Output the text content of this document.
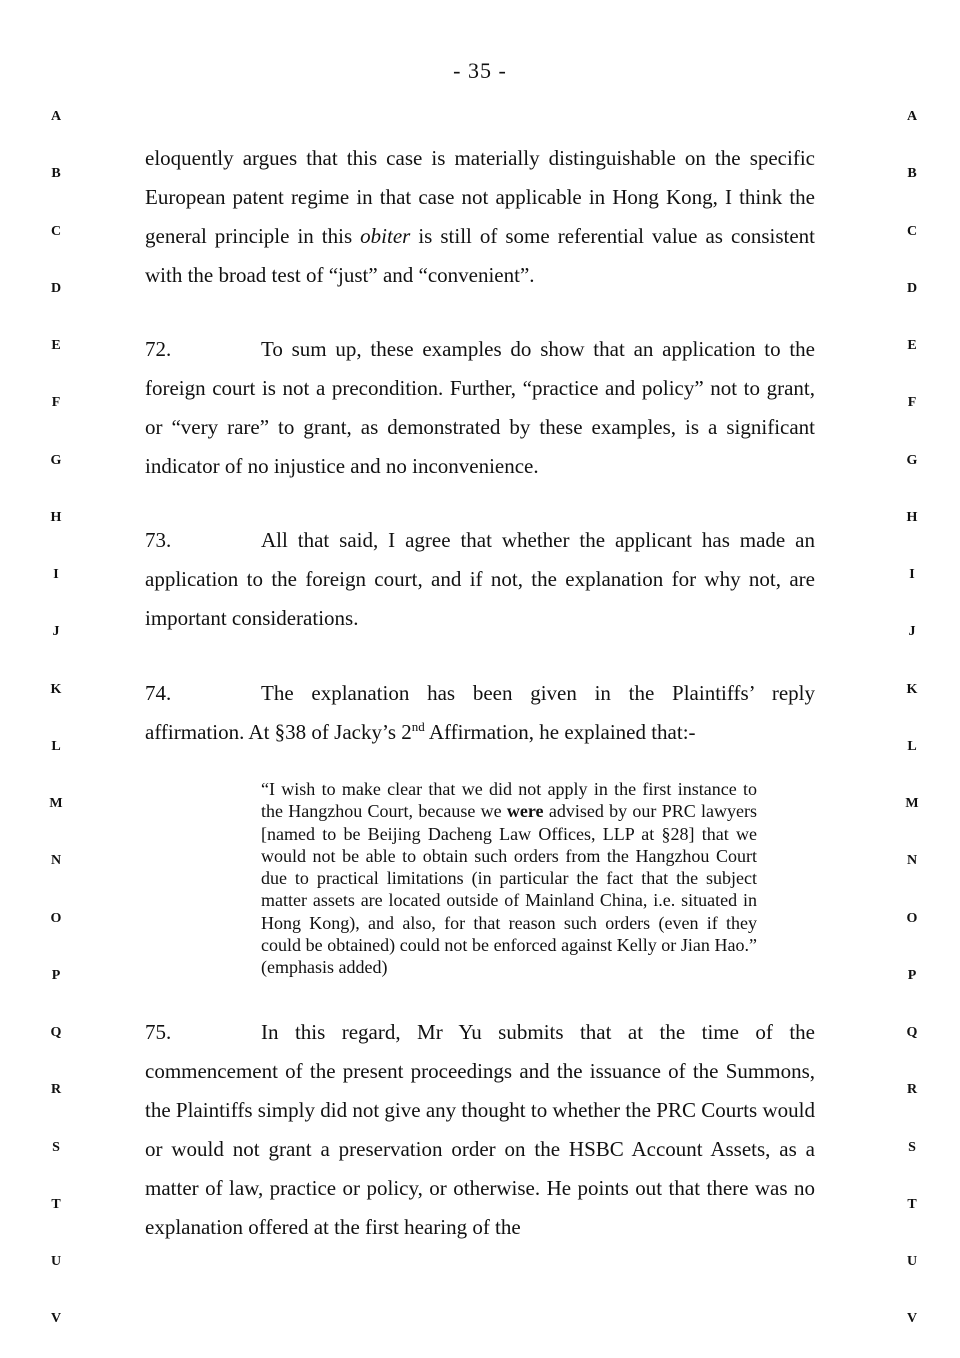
- 35 -
A
B
C
D
E
F
G
H
I
J
K
L
M
N
O
P
Q
R
S
T
U
V
A
B
C
D
E
F
G
H
I
J
K
L
M
N
O
P
Q
R
S
T
U
V
eloquently argues that this case is materially distinguishable on the specific European patent regime in that case not applicable in Hong Kong, I think the general principle in this obiter is still of some referential value as consistent with the broad test of “just” and “convenient”.
72.	To sum up, these examples do show that an application to the foreign court is not a precondition. Further, “practice and policy” not to grant, or “very rare” to grant, as demonstrated by these examples, is a significant indicator of no injustice and no inconvenience.
73.	All that said, I agree that whether the applicant has made an application to the foreign court, and if not, the explanation for why not, are important considerations.
74.	The explanation has been given in the Plaintiffs’ reply
affirmation. At §38 of Jacky’s 2nd Affirmation, he explained that:-
“I wish to make clear that we did not apply in the first instance to the Hangzhou Court, because we were advised by our PRC lawyers [named to be Beijing Dacheng Law Offices, LLP at §28] that we would not be able to obtain such orders from the Hangzhou Court due to practical limitations (in particular the fact that the subject matter assets are located outside of Mainland China, i.e. situated in Hong Kong), and also, for that reason such orders (even if they could be obtained) could not be enforced against Kelly or Jian Hao.” (emphasis added)
75.	In this regard, Mr Yu submits that at the time of the commencement of the present proceedings and the issuance of the Summons, the Plaintiffs simply did not give any thought to whether the PRC Courts would or would not grant a preservation order on the HSBC Account Assets, as a matter of law, practice or policy, or otherwise. He points out that there was no explanation offered at the first hearing of the
